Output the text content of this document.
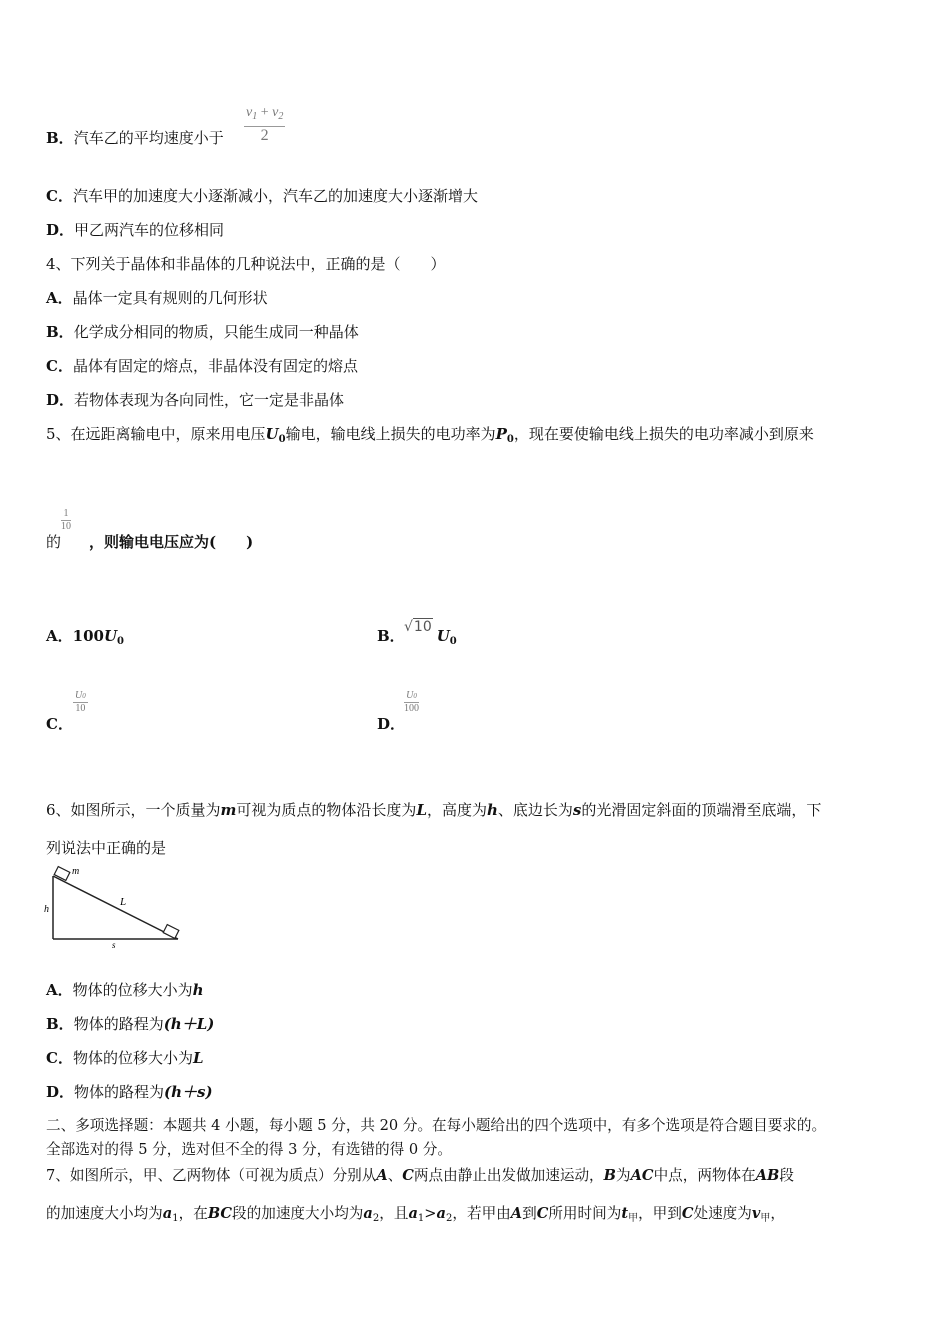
B．汽车乙的平均速度小于 $\frac{v_1 + v_2}{2}$
C．汽车甲的加速度大小逐渐减小，汽车乙的加速度大小逐渐增大
D．甲乙两汽车的位移相同
4、下列关于晶体和非晶体的几种说法中，正确的是（　　）
A．晶体一定具有规则的几何形状
B．化学成分相同的物质，只能生成同一种晶体
C．晶体有固定的熔点，非晶体没有固定的熔点
D．若物体表现为各向同性，它一定是非晶体
5、在远距离输电中，原来用电压$U_0$输电，输电线上损失的电功率为$P_0$，现在要使输电线上损失的电功率减小到原来
$\frac{1}{10}$
的 ，则输电电压应为(　　)
A．$100U_0$	B． $U_0$
√10
C．
$\frac{U0}{10}$
D．
$\frac{U0}{100}$
6、如图所示，一个质量为m可视为质点的物体沿长度为L，高度为h、底边长为s的光滑固定斜面的顶端滑至底端，下
列说法中正确的是
m
L
h
s
A．物体的位移大小为h
B．物体的路程为(h＋L)
C．物体的位移大小为L
D．物体的路程为(h＋s)
二、多项选择题：本题共 4 小题，每小题 5 分，共 20 分。在每小题给出的四个选项中，有多个选项是符合题目要求的。
全部选对的得 5 分，选对但不全的得 3 分，有选错的得 0 分。
7、如图所示，甲、乙两物体（可视为质点）分别从A、C两点由静止出发做加速运动，B为AC中点，两物体在AB段
的加速度大小均为$a_1$，在BC段的加速度大小均为$a_2$，且$a_1>a_2$，若甲由A到C所用时间为$t_甲$，甲到C处速度为$v_甲$，
